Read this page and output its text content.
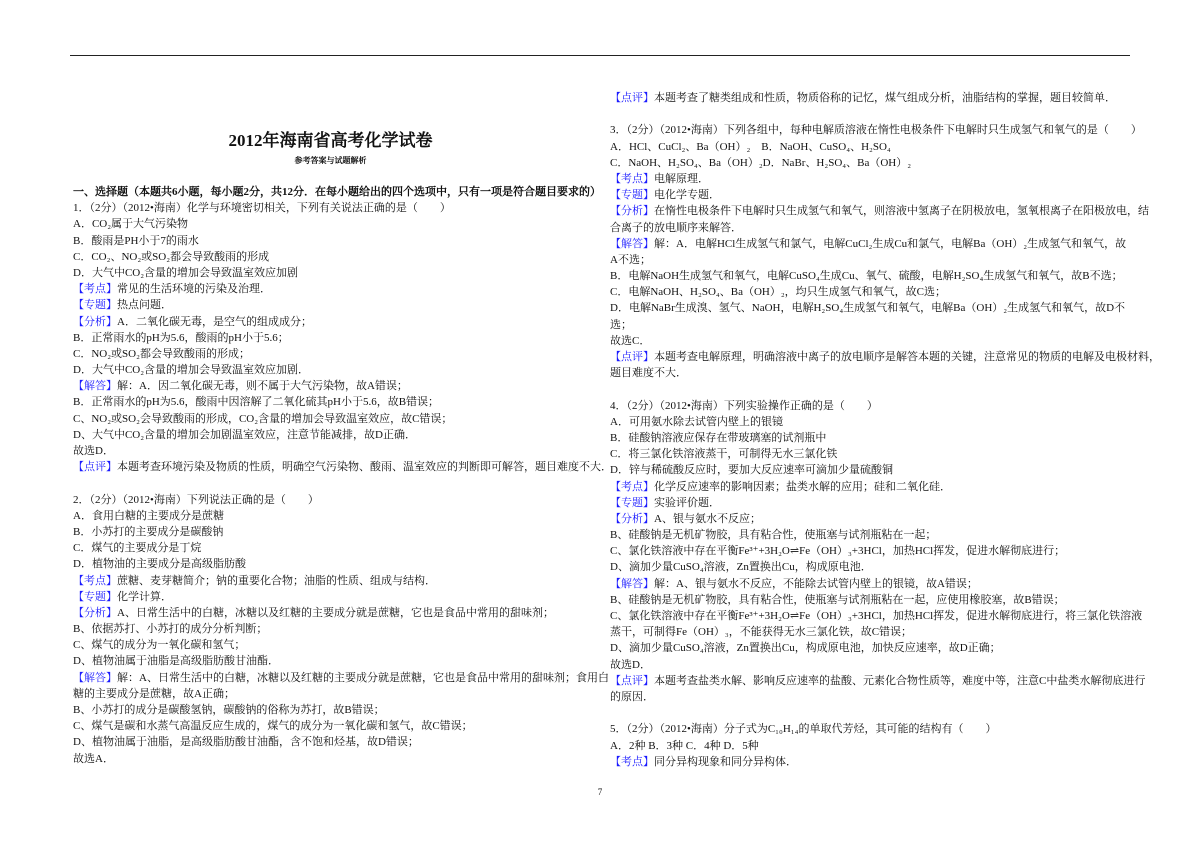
2012年海南省高考化学试卷
参考答案与试题解析
一、选择题（本题共6小题，每小题2分，共12分．在每小题给出的四个选项中，只有一项是符合题目要求的）
1．（2分）（2012•海南）化学与环境密切相关，下列有关说法正确的是（　　）
A．CO₂属于大气污染物
B．酸雨是PH小于7的雨水
C．CO₂、NO₂或SO₂都会导致酸雨的形成
D．大气中CO₂含量的增加会导致温室效应加剧
【考点】常见的生活环境的污染及治理．
【专题】热点问题．
【分析】A．二氧化碳无毒，是空气的组成成分；
B．正常雨水的pH为5.6，酸雨的pH小于5.6；
C．NO₂或SO₂都会导致酸雨的形成；
D．大气中CO₂含量的增加会导致温室效应加剧．
【解答】解：A．因二氧化碳无毒，则不属于大气污染物，故A错误；
B．正常雨水的pH为5.6，酸雨中因溶解了二氧化硫其pH小于5.6，故B错误；
C、NO₂或SO₂会导致酸雨的形成，CO₂含量的增加会导致温室效应，故C错误；
D、大气中CO₂含量的增加会加剧温室效应，注意节能减排，故D正确．
故选D．
【点评】本题考查环境污染及物质的性质，明确空气污染物、酸雨、温室效应的判断即可解答，题目难度不大．
2．（2分）（2012•海南）下列说法正确的是（　　）
A．食用白糖的主要成分是蔗糖
B．小苏打的主要成分是碳酸钠
C．煤气的主要成分是丁烷
D．植物油的主要成分是高级脂肪酸
【考点】蔗糖、麦芽糖简介；钠的重要化合物；油脂的性质、组成与结构．
【专题】化学计算．
【分析】A、日常生活中的白糖，冰糖以及红糖的主要成分就是蔗糖，它也是食品中常用的甜味剂；
B、依据苏打、小苏打的成分分析判断；
C、煤气的成分为一氧化碳和氢气；
D、植物油属于油脂是高级脂肪酸甘油酯．
【解答】解：A、日常生活中的白糖，冰糖以及红糖的主要成分就是蔗糖，它也是食品中常用的甜味剂；食用白
糖的主要成分是蔗糖，故A正确；
B、小苏打的成分是碳酸氢钠，碳酸钠的俗称为苏打，故B错误；
C、煤气是碳和水蒸气高温反应生成的，煤气的成分为一氧化碳和氢气，故C错误；
D、植物油属于油脂，是高级脂肪酸甘油酯，含不饱和烃基，故D错误；
故选A．
【点评】本题考查了糖类组成和性质，物质俗称的记忆，煤气组成分析，油脂结构的掌握，题目较简单．
3．（2分）（2012•海南）下列各组中，每种电解质溶液在惰性电极条件下电解时只生成氢气和氧气的是（　　）
A．HCl、CuCl₂、Ba（OH）₂　B．NaOH、CuSO₄、H₂SO₄
C．NaOH、H₂SO₄、Ba（OH）₂D．NaBr、H₂SO₄、Ba（OH）₂
【考点】电解原理．
【专题】电化学专题．
【分析】在惰性电极条件下电解时只生成氢气和氧气，则溶液中氢离子在阴极放电，氢氧根离子在阳极放电，结
合离子的放电顺序来解答．
【解答】解：A．电解HCl生成氢气和氯气，电解CuCl₂生成Cu和氯气，电解Ba（OH）₂生成氢气和氧气，故
A不选；
B．电解NaOH生成氢气和氧气，电解CuSO₄生成Cu、氧气、硫酸，电解H₂SO₄生成氢气和氧气，故B不选；
C．电解NaOH、H₂SO₄、Ba（OH）₂，均只生成氢气和氧气，故C选；
D．电解NaBr生成溴、氢气、NaOH，电解H₂SO₄生成氢气和氧气，电解Ba（OH）₂生成氢气和氧气，故D不
选；
故选C．
【点评】本题考查电解原理，明确溶液中离子的放电顺序是解答本题的关键，注意常见的物质的电解及电极材料，
题目难度不大．
4．（2分）（2012•海南）下列实验操作正确的是（　　）
A．可用氨水除去试管内壁上的银镜
B．硅酸钠溶液应保存在带玻璃塞的试剂瓶中
C．将三氯化铁溶液蒸干，可制得无水三氯化铁
D．锌与稀硫酸反应时，要加大反应速率可滴加少量硫酸铜
【考点】化学反应速率的影响因素；盐类水解的应用；硅和二氧化硅．
【专题】实验评价题．
【分析】A、银与氨水不反应；
B、硅酸钠是无机矿物胶，具有粘合性，使瓶塞与试剂瓶粘在一起；
C、氯化铁溶液中存在平衡Fe³⁺+3H₂O⇌Fe（OH）₃+3HCl，加热HCl挥发，促进水解彻底进行；
D、滴加少量CuSO₄溶液，Zn置换出Cu，构成原电池．
【解答】解：A、银与氨水不反应，不能除去试管内壁上的银镜，故A错误；
B、硅酸钠是无机矿物胶，具有粘合性，使瓶塞与试剂瓶粘在一起，应使用橡胶塞，故B错误；
C、氯化铁溶液中存在平衡Fe³⁺+3H₂O⇌Fe（OH）₃+3HCl，加热HCl挥发，促进水解彻底进行，将三氯化铁溶液
蒸干，可制得Fe（OH）₃，不能获得无水三氯化铁，故C错误；
D、滴加少量CuSO₄溶液，Zn置换出Cu，构成原电池，加快反应速率，故D正确；
故选D．
【点评】本题考查盐类水解、影响反应速率的盐酸、元素化合物性质等，难度中等，注意C中盐类水解彻底进行
的原因．
5．（2分）（2012•海南）分子式为C₁₀H₁₄的单取代芳烃，其可能的结构有（　　）
A．2种 B．3种 C．4种 D．5种
【考点】同分异构现象和同分异构体．
7
